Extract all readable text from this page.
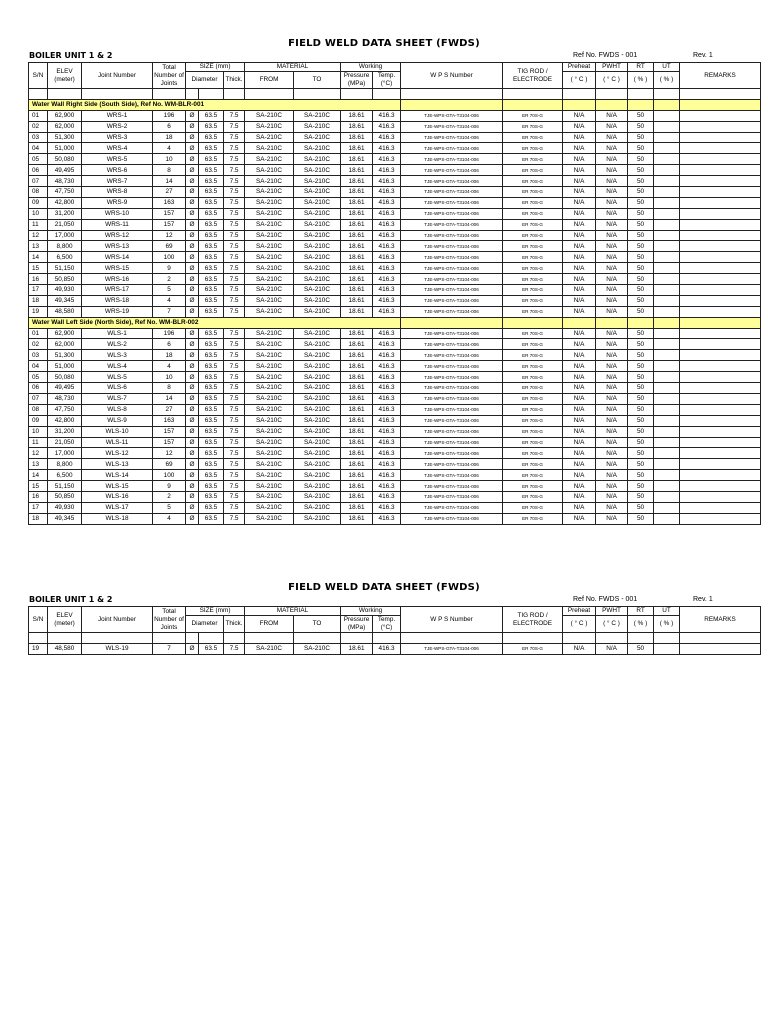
FIELD WELD DATA SHEET (FWDS)
BOILER UNIT 1 & 2	Ref No. FWDS - 001	Rev. 1
S/N	ELEV (meter)	Joint Number	Total Number of Joints	SIZE (mm)			MATERIAL		Working		W P S Number	TIG ROD / ELECTRODE	Preheat	PWHT	RT	UT	REMARKS
				Diameter		Thick.	FROM	TO	Pressure (MPa)	Temp. (°C)			( ° C )	( ° C )	( % )	( % )	

Water Wall Right Side (South Side), Ref No. WM-BLR-001																	
01	62,900	WRS-1	196	Ø	63.5	7.5	SA-210C	SA-210C	18.61	416.3	TJE-WPS-GTA-T3104-006	ER 70S-G	N/A	N/A	50		
02	62,000	WRS-2	6	Ø	63.5	7.5	SA-210C	SA-210C	18.61	416.3	TJE-WPS-GTA-T3104-006	ER 70S-G	N/A	N/A	50		
03	51,300	WRS-3	18	Ø	63.5	7.5	SA-210C	SA-210C	18.61	416.3	TJE-WPS-GTA-T3104-006	ER 70S-G	N/A	N/A	50		
04	51,000	WRS-4	4	Ø	63.5	7.5	SA-210C	SA-210C	18.61	416.3	TJE-WPS-GTA-T3104-006	ER 70S-G	N/A	N/A	50		
05	50,080	WRS-5	10	Ø	63.5	7.5	SA-210C	SA-210C	18.61	416.3	TJE-WPS-GTA-T3104-006	ER 70S-G	N/A	N/A	50		
06	49,495	WRS-6	8	Ø	63.5	7.5	SA-210C	SA-210C	18.61	416.3	TJE-WPS-GTA-T3104-006	ER 70S-G	N/A	N/A	50		
07	48,730	WRS-7	14	Ø	63.5	7.5	SA-210C	SA-210C	18.61	416.3	TJE-WPS-GTA-T3104-006	ER 70S-G	N/A	N/A	50		
08	47,750	WRS-8	27	Ø	63.5	7.5	SA-210C	SA-210C	18.61	416.3	TJE-WPS-GTA-T3104-006	ER 70S-G	N/A	N/A	50		
09	42,800	WRS-9	163	Ø	63.5	7.5	SA-210C	SA-210C	18.61	416.3	TJE-WPS-GTA-T3104-006	ER 70S-G	N/A	N/A	50		
10	31,200	WRS-10	157	Ø	63.5	7.5	SA-210C	SA-210C	18.61	416.3	TJE-WPS-GTA-T3104-006	ER 70S-G	N/A	N/A	50		
11	21,050	WRS-11	157	Ø	63.5	7.5	SA-210C	SA-210C	18.61	416.3	TJE-WPS-GTA-T3104-006	ER 70S-G	N/A	N/A	50		
12	17,000	WRS-12	12	Ø	63.5	7.5	SA-210C	SA-210C	18.61	416.3	TJE-WPS-GTA-T3104-006	ER 70S-G	N/A	N/A	50		
13	8,800	WRS-13	69	Ø	63.5	7.5	SA-210C	SA-210C	18.61	416.3	TJE-WPS-GTA-T3104-006	ER 70S-G	N/A	N/A	50		
14	6,500	WRS-14	100	Ø	63.5	7.5	SA-210C	SA-210C	18.61	416.3	TJE-WPS-GTA-T3104-006	ER 70S-G	N/A	N/A	50		
15	51,150	WRS-15	9	Ø	63.5	7.5	SA-210C	SA-210C	18.61	416.3	TJE-WPS-GTA-T3104-006	ER 70S-G	N/A	N/A	50		
16	50,850	WRS-16	2	Ø	63.5	7.5	SA-210C	SA-210C	18.61	416.3	TJE-WPS-GTA-T3104-006	ER 70S-G	N/A	N/A	50		
17	49,930	WRS-17	5	Ø	63.5	7.5	SA-210C	SA-210C	18.61	416.3	TJE-WPS-GTA-T3104-006	ER 70S-G	N/A	N/A	50		
18	49,345	WRS-18	4	Ø	63.5	7.5	SA-210C	SA-210C	18.61	416.3	TJE-WPS-GTA-T3104-006	ER 70S-G	N/A	N/A	50		
19	48,580	WRS-19	7	Ø	63.5	7.5	SA-210C	SA-210C	18.61	416.3	TJE-WPS-GTA-T3104-006	ER 70S-G	N/A	N/A	50		
Water Wall Left Side (North Side), Ref No. WM-BLR-002																	
01	62,900	WLS-1	196	Ø	63.5	7.5	SA-210C	SA-210C	18.61	416.3	TJE-WPS-GTA-T3104-006	ER 70S-G	N/A	N/A	50		
02	62,000	WLS-2	6	Ø	63.5	7.5	SA-210C	SA-210C	18.61	416.3	TJE-WPS-GTA-T3104-006	ER 70S-G	N/A	N/A	50		
03	51,300	WLS-3	18	Ø	63.5	7.5	SA-210C	SA-210C	18.61	416.3	TJE-WPS-GTA-T3104-006	ER 70S-G	N/A	N/A	50		
04	51,000	WLS-4	4	Ø	63.5	7.5	SA-210C	SA-210C	18.61	416.3	TJE-WPS-GTA-T3104-006	ER 70S-G	N/A	N/A	50		
05	50,080	WLS-5	10	Ø	63.5	7.5	SA-210C	SA-210C	18.61	416.3	TJE-WPS-GTA-T3104-006	ER 70S-G	N/A	N/A	50		
06	49,495	WLS-6	8	Ø	63.5	7.5	SA-210C	SA-210C	18.61	416.3	TJE-WPS-GTA-T3104-006	ER 70S-G	N/A	N/A	50		
07	48,730	WLS-7	14	Ø	63.5	7.5	SA-210C	SA-210C	18.61	416.3	TJE-WPS-GTA-T3104-006	ER 70S-G	N/A	N/A	50		
08	47,750	WLS-8	27	Ø	63.5	7.5	SA-210C	SA-210C	18.61	416.3	TJE-WPS-GTA-T3104-006	ER 70S-G	N/A	N/A	50		
09	42,800	WLS-9	163	Ø	63.5	7.5	SA-210C	SA-210C	18.61	416.3	TJE-WPS-GTA-T3104-006	ER 70S-G	N/A	N/A	50		
10	31,200	WLS-10	157	Ø	63.5	7.5	SA-210C	SA-210C	18.61	416.3	TJE-WPS-GTA-T3104-006	ER 70S-G	N/A	N/A	50		
11	21,050	WLS-11	157	Ø	63.5	7.5	SA-210C	SA-210C	18.61	416.3	TJE-WPS-GTA-T3104-006	ER 70S-G	N/A	N/A	50		
12	17,000	WLS-12	12	Ø	63.5	7.5	SA-210C	SA-210C	18.61	416.3	TJE-WPS-GTA-T3104-006	ER 70S-G	N/A	N/A	50		
13	8,800	WLS-13	69	Ø	63.5	7.5	SA-210C	SA-210C	18.61	416.3	TJE-WPS-GTA-T3104-006	ER 70S-G	N/A	N/A	50		
14	6,500	WLS-14	100	Ø	63.5	7.5	SA-210C	SA-210C	18.61	416.3	TJE-WPS-GTA-T3104-006	ER 70S-G	N/A	N/A	50		
15	51,150	WLS-15	9	Ø	63.5	7.5	SA-210C	SA-210C	18.61	416.3	TJE-WPS-GTA-T3104-006	ER 70S-G	N/A	N/A	50		
16	50,850	WLS-16	2	Ø	63.5	7.5	SA-210C	SA-210C	18.61	416.3	TJE-WPS-GTA-T3104-006	ER 70S-G	N/A	N/A	50		
17	49,930	WLS-17	5	Ø	63.5	7.5	SA-210C	SA-210C	18.61	416.3	TJE-WPS-GTA-T3104-006	ER 70S-G	N/A	N/A	50		
18	49,345	WLS-18	4	Ø	63.5	7.5	SA-210C	SA-210C	18.61	416.3	TJE-WPS-GTA-T3104-006	ER 70S-G	N/A	N/A	50		
FIELD WELD DATA SHEET (FWDS)
BOILER UNIT 1 & 2	Ref No. FWDS - 001	Rev. 1
S/N	ELEV (meter)	Joint Number	Total Number of Joints	SIZE (mm)			MATERIAL		Working		W P S Number	TIG ROD / ELECTRODE	Preheat	PWHT	RT	UT	REMARKS
				Diameter		Thick.	FROM	TO	Pressure (MPa)	Temp. (°C)			( ° C )	( ° C )	( % )	( % )	

19	48,580	WLS-19	7	Ø	63.5	7.5	SA-210C	SA-210C	18.61	416.3	TJE-WPS-GTA-T3104-006	ER 70S-G	N/A	N/A	50		
